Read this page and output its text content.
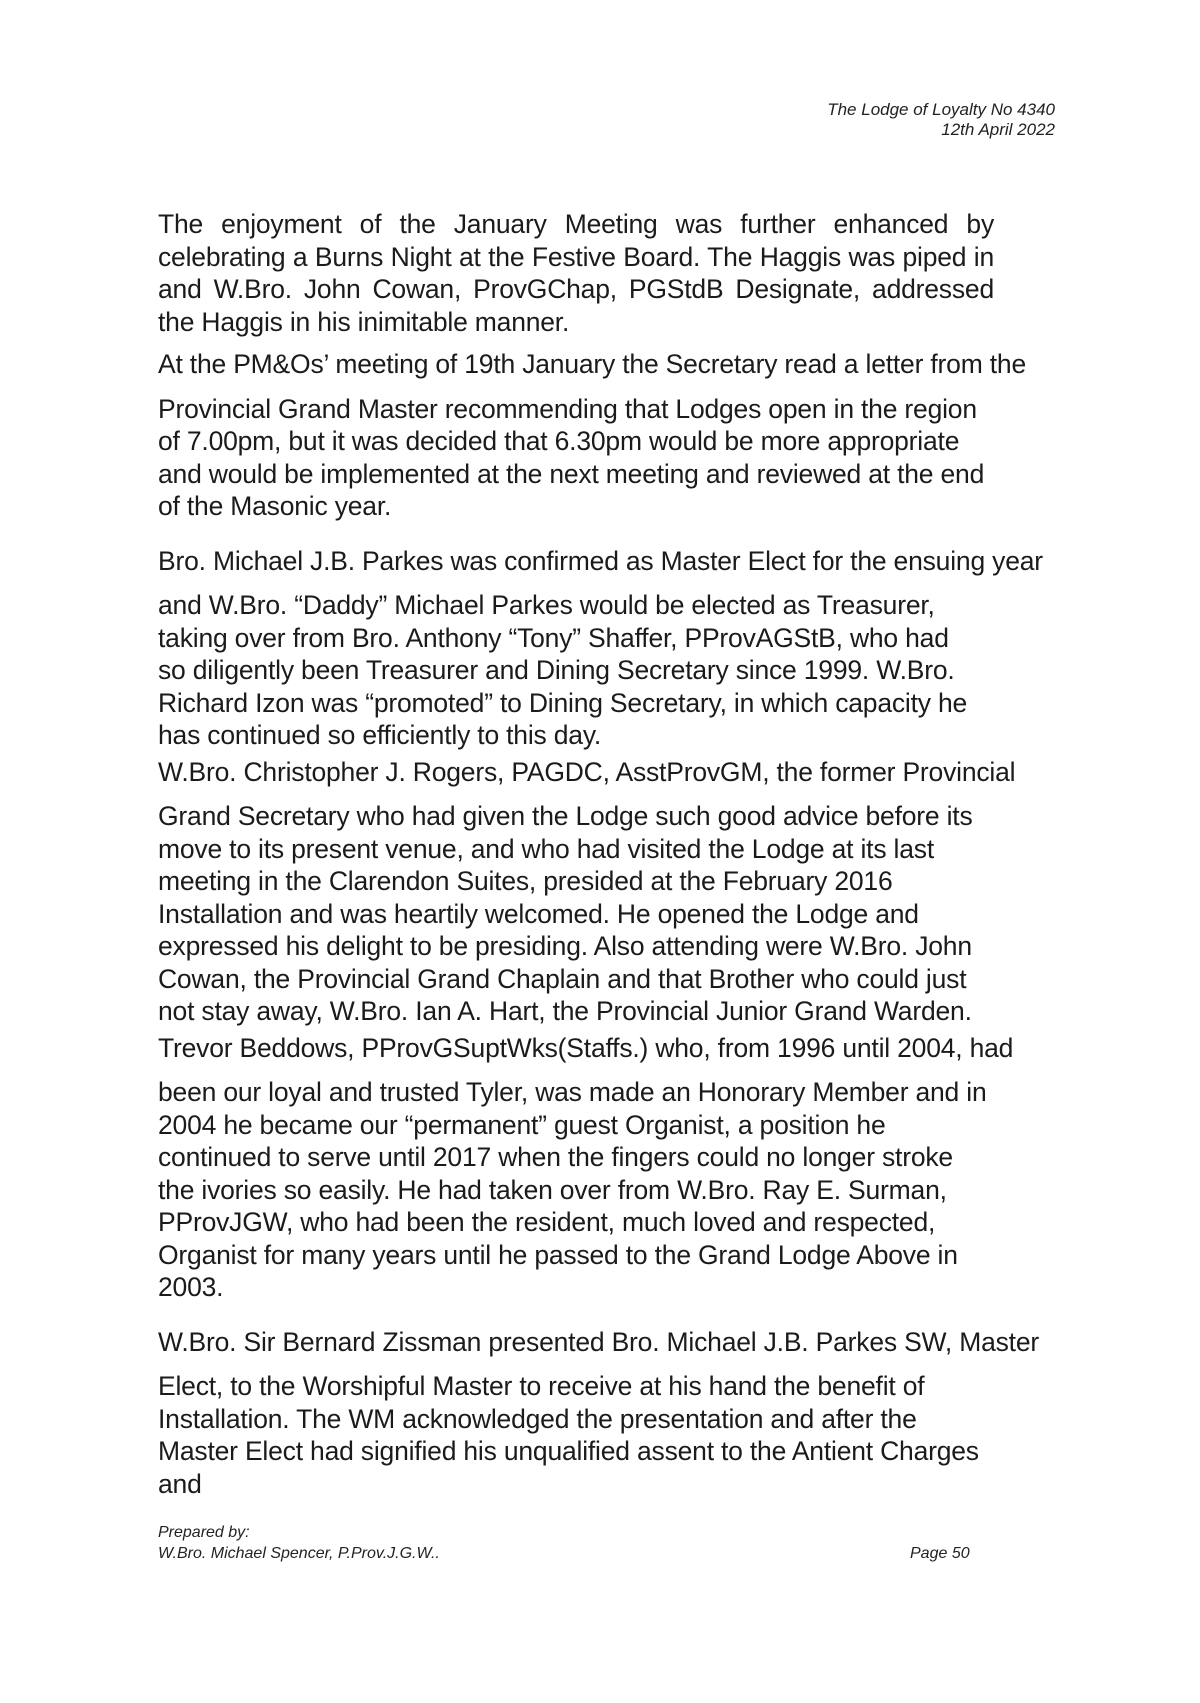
The Lodge of Loyalty No 4340
12th April 2022

The enjoyment of the January Meeting was further enhanced by celebrating a Burns Night at the Festive Board. The Haggis was piped in and W.Bro. John Cowan, ProvGChap, PGStdB Designate, addressed the Haggis in his inimitable manner.

At the PM&Os’ meeting of 19th January the Secretary read a letter from the

Provincial Grand Master recommending that Lodges open in the region of 7.00pm, but it was decided that 6.30pm would be more appropriate and would be implemented at the next meeting and reviewed at the end of the Masonic year.

Bro. Michael J.B. Parkes was confirmed as Master Elect for the ensuing year

and W.Bro. “Daddy” Michael Parkes would be elected as Treasurer, taking over from Bro. Anthony “Tony” Shaffer, PProvAGStB, who had so diligently been Treasurer and Dining Secretary since 1999. W.Bro. Richard Izon was “promoted” to Dining Secretary, in which capacity he has continued so efficiently to this day.

W.Bro. Christopher J. Rogers, PAGDC, AsstProvGM, the former Provincial

Grand Secretary who had given the Lodge such good advice before its move to its present venue, and who had visited the Lodge at its last meeting in the Clarendon Suites, presided at the February 2016 Installation and was heartily welcomed. He opened the Lodge and expressed his delight to be presiding. Also attending were W.Bro. John Cowan, the Provincial Grand Chaplain and that Brother who could just not stay away, W.Bro. Ian A. Hart, the Provincial Junior Grand Warden.

Trevor Beddows, PProvGSuptWks(Staffs.) who, from 1996 until 2004, had

been our loyal and trusted Tyler, was made an Honorary Member and in 2004 he became our “permanent” guest Organist, a position he continued to serve until 2017 when the fingers could no longer stroke the ivories so easily. He had taken over from W.Bro. Ray E. Surman, PProvJGW, who had been the resident, much loved and respected, Organist for many years until he passed to the Grand Lodge Above in 2003.

W.Bro. Sir Bernard Zissman presented Bro. Michael J.B. Parkes SW, Master

Elect, to the Worshipful Master to receive at his hand the benefit of Installation. The WM acknowledged the presentation and after the Master Elect had signified his unqualified assent to the Antient Charges and

Prepared by:
W.Bro. Michael Spencer, P.Prov.J.G.W..	Page 50
